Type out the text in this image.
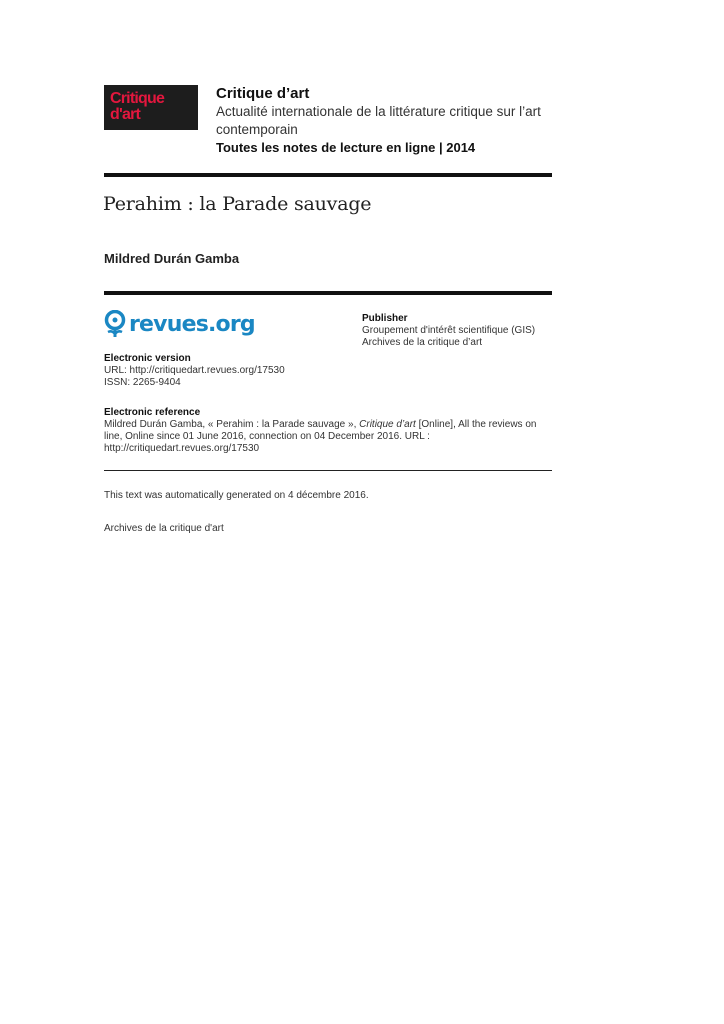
Critique
d'art
Critique d’art
Actualité internationale de la littérature critique sur l’art contemporain
Toutes les notes de lecture en ligne | 2014
Perahim : la Parade sauvage
Mildred Durán Gamba
revues.org	Publisher
Groupement d'intérêt scientifique (GIS)
Archives de la critique d’art
Electronic version
URL: http://critiquedart.revues.org/17530
ISSN: 2265-9404
Electronic reference
Mildred Durán Gamba, « Perahim : la Parade sauvage », Critique d’art [Online], All the reviews on line, Online since 01 June 2016, connection on 04 December 2016. URL : http://critiquedart.revues.org/17530
This text was automatically generated on 4 décembre 2016.
Archives de la critique d'art
